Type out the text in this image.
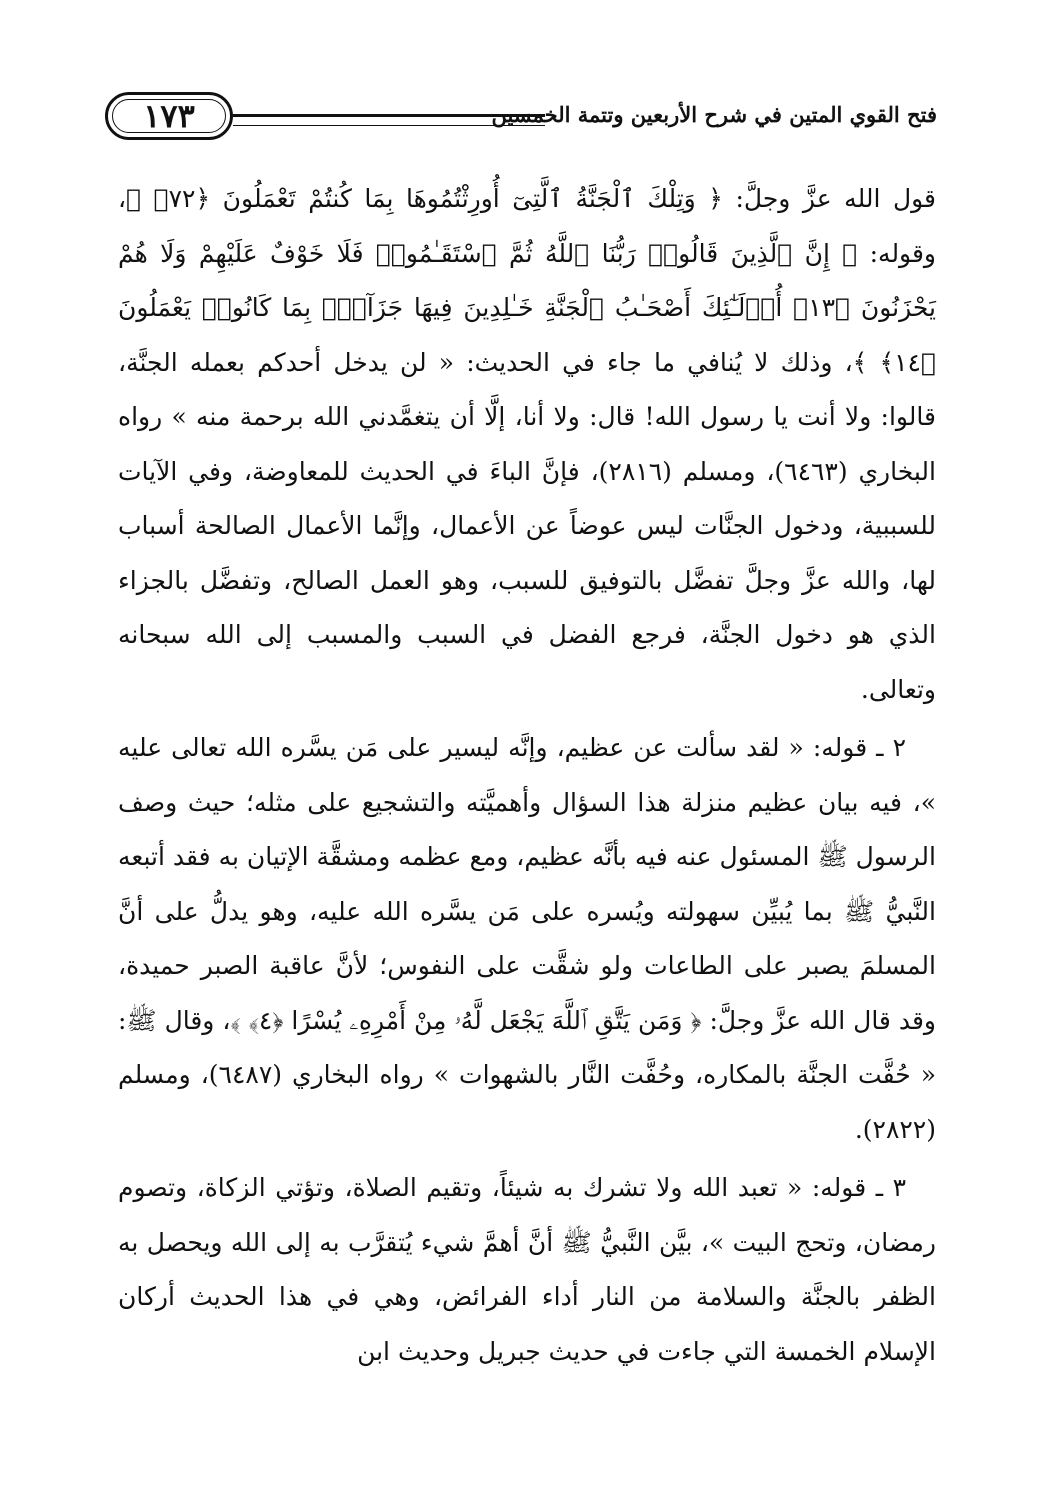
فتح القوي المتين في شرح الأربعين وتتمة الخمسين
١٧٣

قول الله عزَّ وجلَّ: ﴿ وَتِلْكَ ٱلْجَنَّةُ ٱلَّتِىٓ أُورِثْتُمُوهَا بِمَا كُنتُمْ تَعْمَلُونَ ﴿٧٢﴾ ﴾، وقوله: ﴿ إِنَّ ٱلَّذِينَ قَالُوا۟ رَبُّنَا ٱللَّهُ ثُمَّ ٱسْتَقَـٰمُوا۟ فَلَا خَوْفٌ عَلَيْهِمْ وَلَا هُمْ يَحْزَنُونَ ﴿١٣﴾ أُو۟لَـٰٓئِكَ أَصْحَـٰبُ ٱلْجَنَّةِ خَـٰلِدِينَ فِيهَا جَزَآءًۢ بِمَا كَانُوا۟ يَعْمَلُونَ ﴿١٤﴾ ﴾، وذلك لا يُنافي ما جاء في الحديث: « لن يدخل أحدكم بعمله الجنَّة، قالوا: ولا أنت يا رسول الله! قال: ولا أنا، إلَّا أن يتغمَّدني الله برحمة منه » رواه البخاري (٦٤٦٣)، ومسلم (٢٨١٦)، فإنَّ الباءَ في الحديث للمعاوضة، وفي الآيات للسببية، ودخول الجنَّات ليس عوضاً عن الأعمال، وإنَّما الأعمال الصالحة أسباب لها، والله عزَّ وجلَّ تفضَّل بالتوفيق للسبب، وهو العمل الصالح، وتفضَّل بالجزاء الذي هو دخول الجنَّة، فرجع الفضل في السبب والمسبب إلى الله سبحانه وتعالى.

٢ ـ قوله: « لقد سألت عن عظيم، وإنَّه ليسير على مَن يسَّره الله تعالى عليه »، فيه بيان عظيم منزلة هذا السؤال وأهميَّته والتشجيع على مثله؛ حيث وصف الرسول ﷺ المسئول عنه فيه بأنَّه عظيم، ومع عظمه ومشقَّة الإتيان به فقد أتبعه النَّبيُّ ﷺ بما يُبيِّن سهولته ويُسره على مَن يسَّره الله عليه، وهو يدلُّ على أنَّ المسلمَ يصبر على الطاعات ولو شقَّت على النفوس؛ لأنَّ عاقبة الصبر حميدة، وقد قال الله عزَّ وجلَّ: ﴿ وَمَن يَتَّقِ ٱللَّهَ يَجْعَل لَّهُۥ مِنْ أَمْرِهِۦ يُسْرًا ﴿٤﴾ ﴾، وقال ﷺ: « حُفَّت الجنَّة بالمكاره، وحُفَّت النَّار بالشهوات » رواه البخاري (٦٤٨٧)، ومسلم (٢٨٢٢).

٣ ـ قوله: « تعبد الله ولا تشرك به شيئاً، وتقيم الصلاة، وتؤتي الزكاة، وتصوم رمضان، وتحج البيت »، بيَّن النَّبيُّ ﷺ أنَّ أهمَّ شيء يُتقرَّب به إلى الله ويحصل به الظفر بالجنَّة والسلامة من النار أداء الفرائض، وهي في هذا الحديث أركان الإسلام الخمسة التي جاءت في حديث جبريل وحديث ابن
